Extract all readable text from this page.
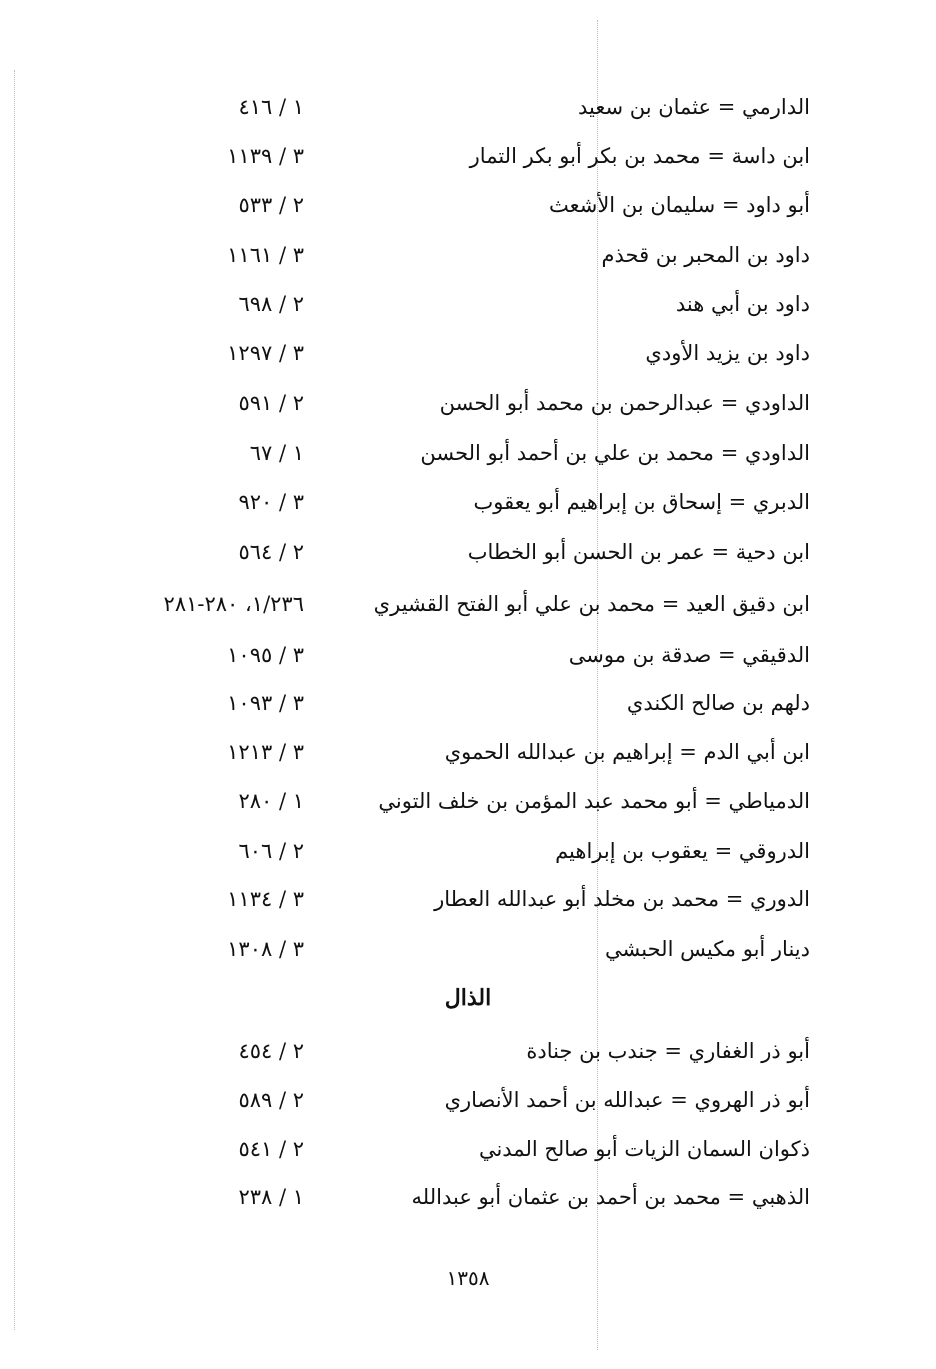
الدارمي = عثمان بن سعيد
١ / ٤١٦
ابن داسة = محمد بن بكر أبو بكر التمار
٣ / ١١٣٩
أبو داود = سليمان بن الأشعث
٢ / ٥٣٣
داود بن المحبر بن قحذم
٣ / ١١٦١
داود بن أبي هند
٢ / ٦٩٨
داود بن يزيد الأودي
٣ / ١٢٩٧
الداودي = عبدالرحمن بن محمد أبو الحسن
٢ / ٥٩١
الداودي = محمد بن علي بن أحمد أبو الحسن
١ / ٦٧
الدبري = إسحاق بن إبراهيم أبو يعقوب
٣ / ٩٢٠
ابن دحية = عمر بن الحسن أبو الخطاب
٢ / ٥٦٤
ابن دقيق العيد = محمد بن علي أبو الفتح القشيري
١/٢٣٦، ٢٨٠-٢٨١
الدقيقي = صدقة بن موسى
٣ / ١٠٩٥
دلهم بن صالح الكندي
٣ / ١٠٩٣
ابن أبي الدم = إبراهيم بن عبدالله الحموي
٣ / ١٢١٣
الدمياطي = أبو محمد عبد المؤمن بن خلف التوني
١ / ٢٨٠
الدروقي = يعقوب بن إبراهيم
٢ / ٦٠٦
الدوري = محمد بن مخلد أبو عبدالله العطار
٣ / ١١٣٤
دينار أبو مكيس الحبشي
٣ / ١٣٠٨
الذال
أبو ذر الغفاري = جندب بن جنادة
٢ / ٤٥٤
أبو ذر الهروي = عبدالله بن أحمد الأنصاري
٢ / ٥٨٩
ذكوان السمان الزيات أبو صالح المدني
٢ / ٥٤١
الذهبي = محمد بن أحمد بن عثمان أبو عبدالله
١ / ٢٣٨
١٣٥٨
